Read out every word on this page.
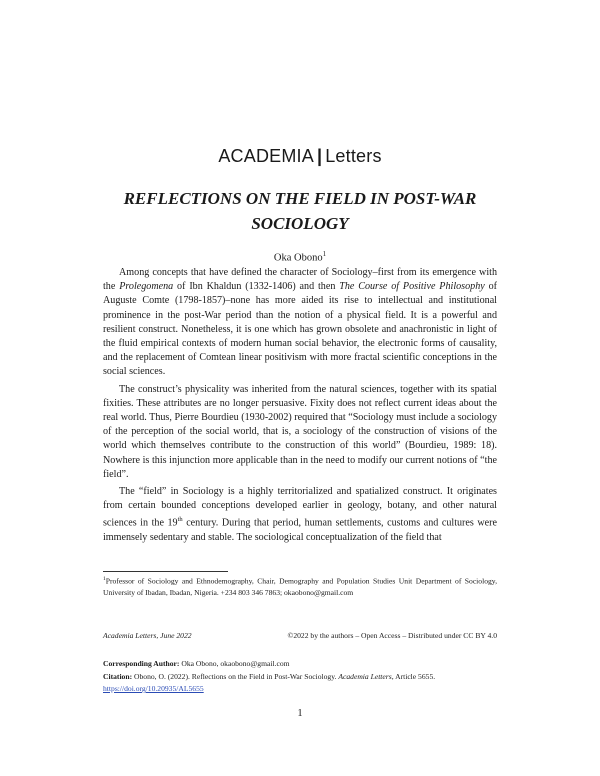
ACADEMIA | Letters
REFLECTIONS ON THE FIELD IN POST-WAR SOCIOLOGY
Oka Obono$^1$

Among concepts that have defined the character of Sociology–first from its emergence with the Prolegomena of Ibn Khaldun (1332-1406) and then The Course of Positive Philosophy of Auguste Comte (1798-1857)–none has more aided its rise to intellectual and institutional prominence in the post-War period than the notion of a physical field. It is a powerful and resilient construct. Nonetheless, it is one which has grown obsolete and anachronistic in light of the fluid empirical contexts of modern human social behavior, the electronic forms of causality, and the replacement of Comtean linear positivism with more fractal scientific conceptions in the social sciences.

The construct’s physicality was inherited from the natural sciences, together with its spatial fixities. These attributes are no longer persuasive. Fixity does not reflect current ideas about the real world. Thus, Pierre Bourdieu (1930-2002) required that “Sociology must include a sociology of the perception of the social world, that is, a sociology of the construction of visions of the world which themselves contribute to the construction of this world” (Bourdieu, 1989: 18). Nowhere is this injunction more applicable than in the need to modify our current notions of “the field”.

The “field” in Sociology is a highly territorialized and spatialized construct. It originates from certain bounded conceptions developed earlier in geology, botany, and other natural sciences in the 19th century. During that period, human settlements, customs and cultures were immensely sedentary and stable. The sociological conceptualization of the field that

$^1$Professor of Sociology and Ethnodemography, Chair, Demography and Population Studies Unit Department of Sociology, University of Ibadan, Ibadan, Nigeria. +234 803 346 7863; okaobono@gmail.com
Academia Letters, June 2022	©2022 by the authors – Open Access – Distributed under CC BY 4.0
Corresponding Author: Oka Obono, okaobono@gmail.com
Citation: Obono, O. (2022). Reflections on the Field in Post-War Sociology. Academia Letters, Article 5655.
https://doi.org/10.20935/AL5655
1
